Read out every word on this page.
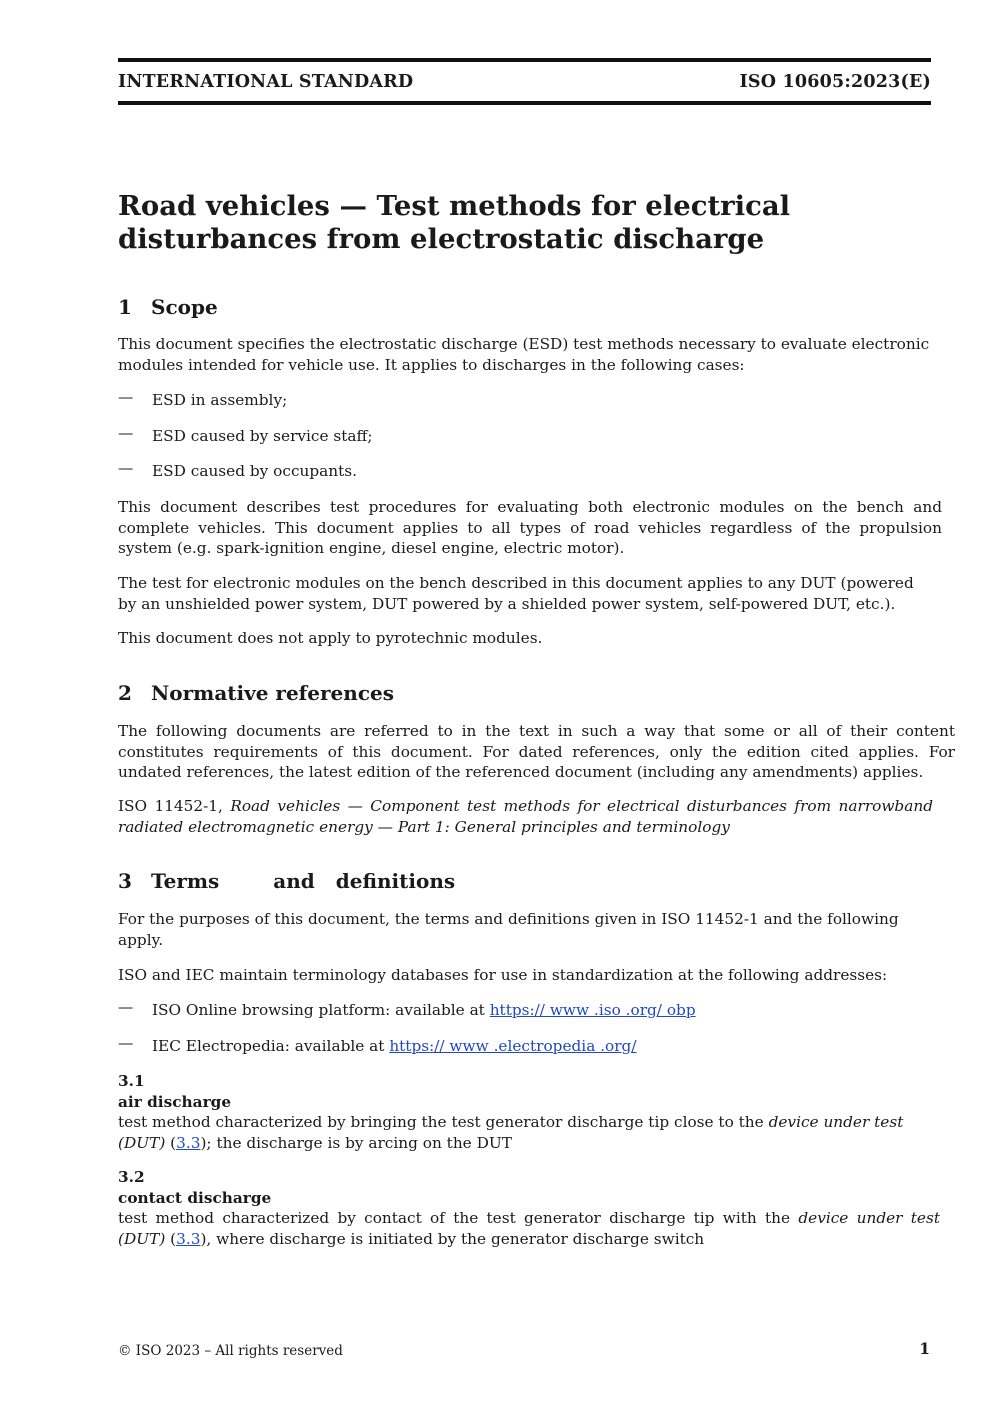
INTERNATIONAL STANDARD	ISO 10605:2023(E)
Road vehicles — Test methods for electrical disturbances from electrostatic discharge
1 Scope

This document specifies the electrostatic discharge (ESD) test methods necessary to evaluate electronic modules intended for vehicle use. It applies to discharges in the following cases:

— ESD in assembly;
— ESD caused by service staff;
— ESD caused by occupants.

This document describes test procedures for evaluating both electronic modules on the bench and complete vehicles. This document applies to all types of road vehicles regardless of the propulsion system (e.g. spark-ignition engine, diesel engine, electric motor).

The test for electronic modules on the bench described in this document applies to any DUT (powered by an unshielded power system, DUT powered by a shielded power system, self-powered DUT, etc.).

This document does not apply to pyrotechnic modules.

2 Normative references

The following documents are referred to in the text in such a way that some or all of their content constitutes requirements of this document. For dated references, only the edition cited applies. For undated references, the latest edition of the referenced document (including any amendments) applies.

ISO 11452-1, Road vehicles — Component test methods for electrical disturbances from narrowband radiated electromagnetic energy — Part 1: General principles and terminology

3 Terms	and definitions

For the purposes of this document, the terms and definitions given in ISO 11452-1 and the following apply.

ISO and IEC maintain terminology databases for use in standardization at the following addresses:

— ISO Online browsing platform: available at https:// www .iso .org/ obp
— IEC Electropedia: available at https:// www .electropedia .org/
3.1
air discharge

test method characterized by bringing the test generator discharge tip close to the device under test (DUT) (3.3); the discharge is by arcing on the DUT

3.2
contact discharge

test method characterized by contact of the test generator discharge tip with the device under test (DUT) (3.3), where discharge is initiated by the generator discharge switch

© ISO 2023 – All rights reserved	1
